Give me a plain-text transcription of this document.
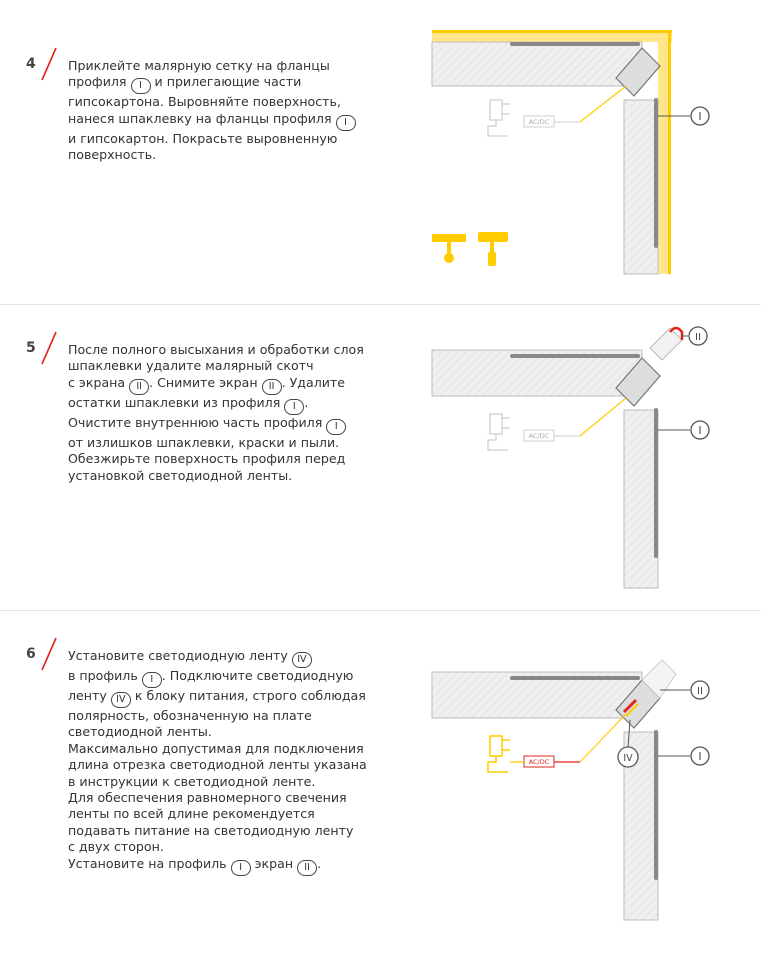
4	Приклейте малярную сетку на фланцы
профиля I и прилегающие части
гипсокартона. Выровняйте поверхность,
нанеся шпаклевку на фланцы профиля I
и гипсокартон. Покрасьте выровненную
поверхность.
I
AC/DC
5	После полного высыхания и обработки слоя
шпаклевки удалите малярный скотч
с экрана II . Снимите экран II . Удалите
остатки шпаклевки из профиля I .
Очистите внутреннюю часть профиля I
от излишков шпаклевки, краски и пыли.
Обезжирьте поверхность профиля перед
установкой светодиодной ленты.
II
I
AC/DC
6	Установите светодиодную ленту IV
в профиль I . Подключите светодиодную
ленту IV к блоку питания, строго соблюдая
полярность, обозначенную на плате
светодиодной ленты.
Максимально допустимая для подключения
длина отрезка светодиодной ленты указана
в инструкции к светодиодной ленте.
Для обеспечения равномерного свечения
ленты по всей длине рекомендуется
подавать питание на светодиодную ленту
с двух сторон.
Установите на профиль I экран II .
II
IV	I
AC/DC
